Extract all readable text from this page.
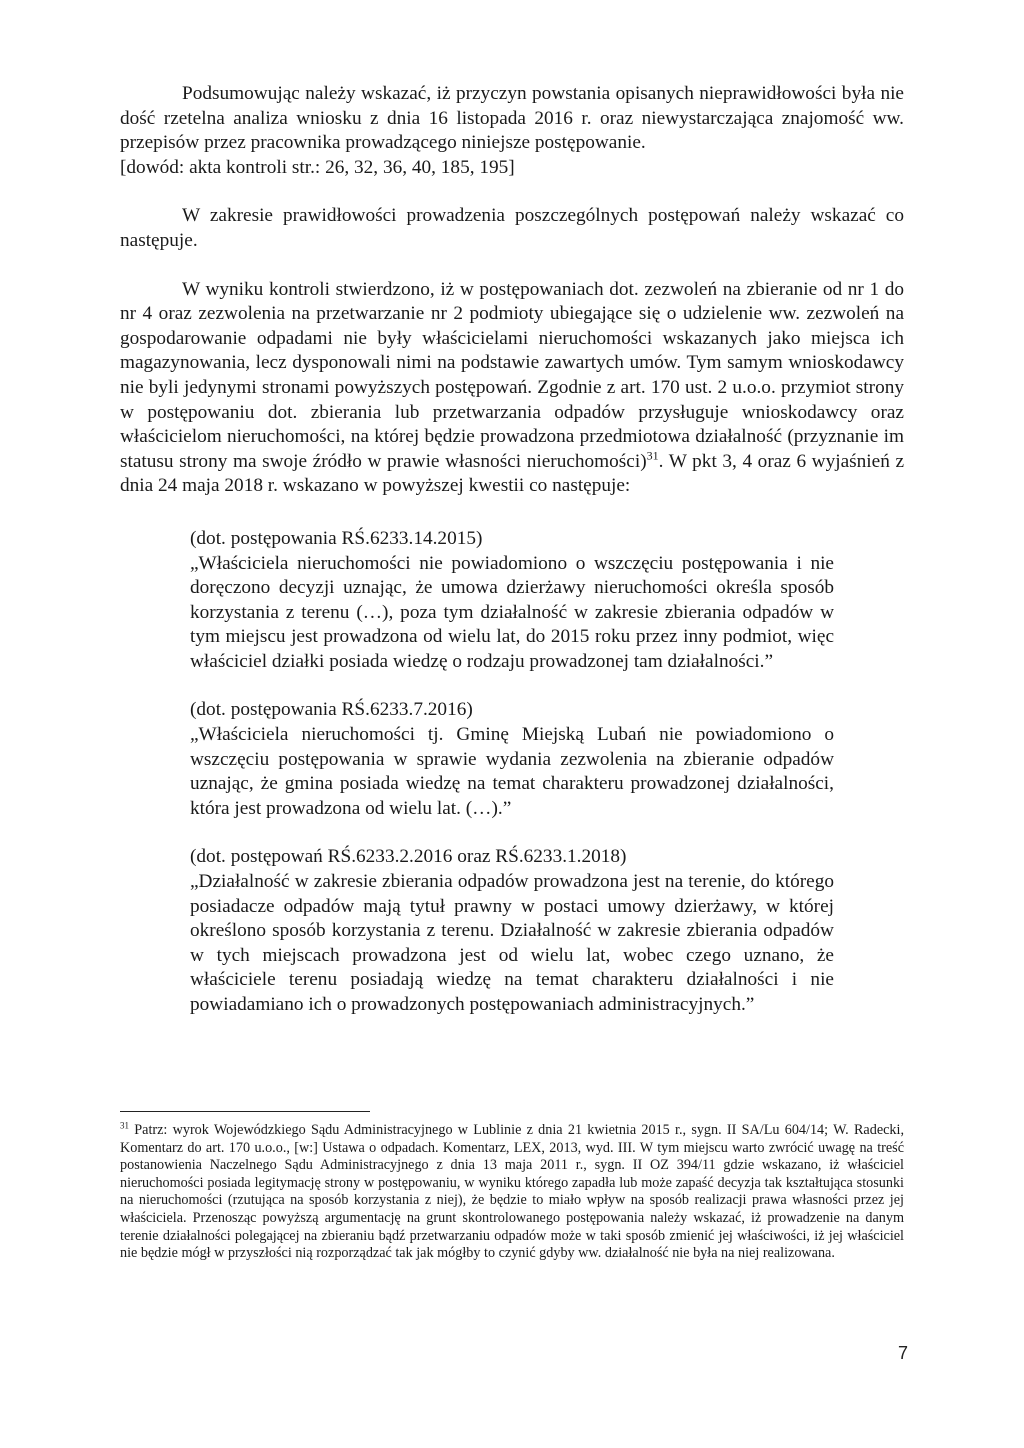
Podsumowując należy wskazać, iż przyczyn powstania opisanych nieprawidłowości była nie dość rzetelna analiza wniosku z dnia 16 listopada 2016 r. oraz niewystarczająca znajomość ww. przepisów przez pracownika prowadzącego niniejsze postępowanie.
[dowód: akta kontroli str.: 26, 32, 36, 40, 185, 195]

W zakresie prawidłowości prowadzenia poszczególnych postępowań należy wskazać co następuje.

W wyniku kontroli stwierdzono, iż w postępowaniach dot. zezwoleń na zbieranie od nr 1 do nr 4 oraz zezwolenia na przetwarzanie nr 2 podmioty ubiegające się o udzielenie ww. zezwoleń na gospodarowanie odpadami nie były właścicielami nieruchomości wskazanych jako miejsca ich magazynowania, lecz dysponowali nimi na podstawie zawartych umów. Tym samym wnioskodawcy nie byli jedynymi stronami powyższych postępowań. Zgodnie z art. 170 ust. 2 u.o.o. przymiot strony w postępowaniu dot. zbierania lub przetwarzania odpadów przysługuje wnioskodawcy oraz właścicielom nieruchomości, na której będzie prowadzona przedmiotowa działalność (przyznanie im statusu strony ma swoje źródło w prawie własności nieruchomości)$^{31}$. W pkt 3, 4 oraz 6 wyjaśnień z dnia 24 maja 2018 r. wskazano w powyższej kwestii co następuje:

(dot. postępowania RŚ.6233.14.2015)

„Właściciela nieruchomości nie powiadomiono o wszczęciu postępowania i nie doręczono decyzji uznając, że umowa dzierżawy nieruchomości określa sposób korzystania z terenu (…), poza tym działalność w zakresie zbierania odpadów w tym miejscu jest prowadzona od wielu lat, do 2015 roku przez inny podmiot, więc właściciel działki posiada wiedzę o rodzaju prowadzonej tam działalności.”

(dot. postępowania RŚ.6233.7.2016)

„Właściciela nieruchomości tj. Gminę Miejską Lubań nie powiadomiono o wszczęciu postępowania w sprawie wydania zezwolenia na zbieranie odpadów uznając, że gmina posiada wiedzę na temat charakteru prowadzonej działalności, która jest prowadzona od wielu lat. (…).”

(dot. postępowań RŚ.6233.2.2016 oraz RŚ.6233.1.2018)

„Działalność w zakresie zbierania odpadów prowadzona jest na terenie, do którego posiadacze odpadów mają tytuł prawny w postaci umowy dzierżawy, w której określono sposób korzystania z terenu. Działalność w zakresie zbierania odpadów w tych miejscach prowadzona jest od wielu lat, wobec czego uznano, że właściciele terenu posiadają wiedzę na temat charakteru działalności i nie powiadamiano ich o prowadzonych postępowaniach administracyjnych.”

$^{31}$ Patrz: wyrok Wojewódzkiego Sądu Administracyjnego w Lublinie z dnia 21 kwietnia 2015 r., sygn. II SA/Lu 604/14; W. Radecki, Komentarz do art. 170 u.o.o., [w:] Ustawa o odpadach. Komentarz, LEX, 2013, wyd. III. W tym miejscu warto zwrócić uwagę na treść postanowienia Naczelnego Sądu Administracyjnego z dnia 13 maja 2011 r., sygn. II OZ 394/11 gdzie wskazano, iż właściciel nieruchomości posiada legitymację strony w postępowaniu, w wyniku którego zapadła lub może zapaść decyzja tak kształtująca stosunki na nieruchomości (rzutująca na sposób korzystania z niej), że będzie to miało wpływ na sposób realizacji prawa własności przez jej właściciela. Przenosząc powyższą argumentację na grunt skontrolowanego postępowania należy wskazać, iż prowadzenie na danym terenie działalności polegającej na zbieraniu bądź przetwarzaniu odpadów może w taki sposób zmienić jej właściwości, iż jej właściciel nie będzie mógł w przyszłości nią rozporządzać tak jak mógłby to czynić gdyby ww. działalność nie była na niej realizowana.

7
